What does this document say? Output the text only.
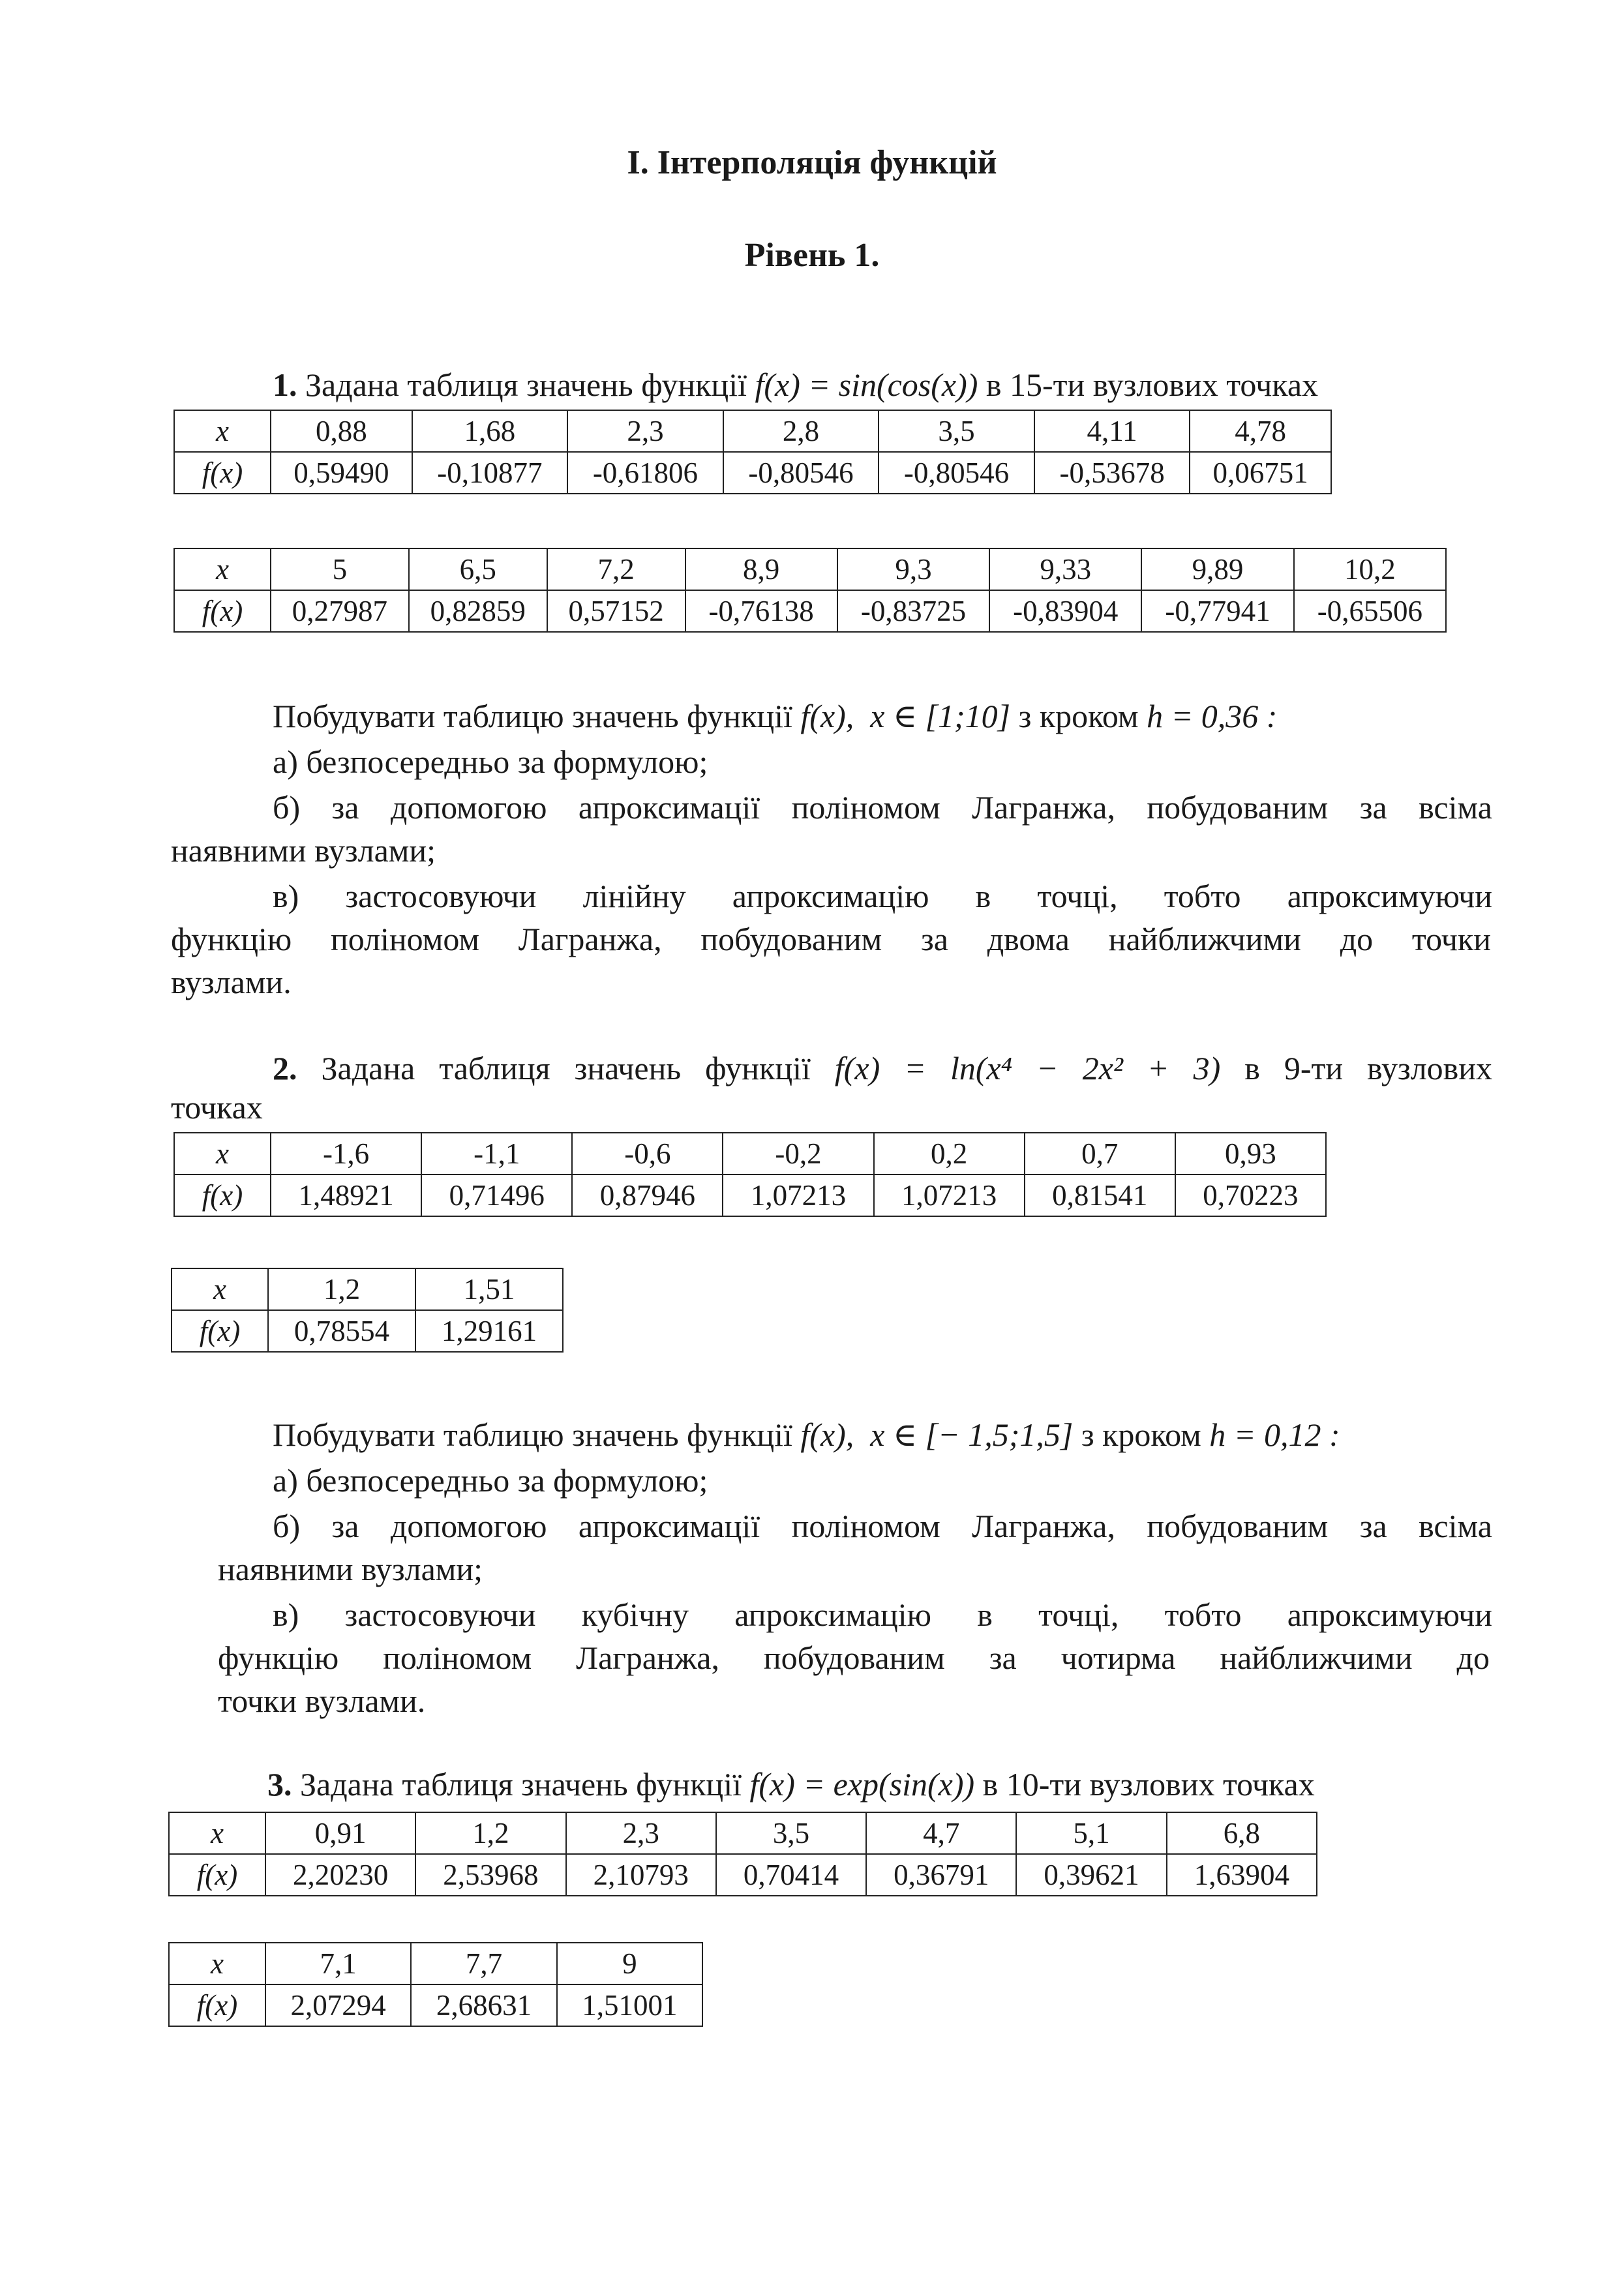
I. Інтерполяція функцій
Рівень 1.
1. Задана таблиця значень функції f(x) = sin(cos(x)) в 15-ти вузлових точках
x	0,88	1,68	2,3	2,8	3,5	4,11	4,78
f(x)	0,59490	-0,10877	-0,61806	-0,80546	-0,80546	-0,53678	0,06751
x	5	6,5	7,2	8,9	9,3	9,33	9,89	10,2
f(x)	0,27987	0,82859	0,57152	-0,76138	-0,83725	-0,83904	-0,77941	-0,65506
Побудувати таблицю значень функції f(x), x ∈ [1;10] з кроком h = 0,36 :
а) безпосередньо за формулою;
б) за допомогою апроксимації поліномом Лагранжа, побудованим за всіма
наявними вузлами;
в) застосовуючи лінійну апроксимацію в точці, тобто апроксимуючи
функцію поліномом Лагранжа, побудованим за двома найближчими до точки
вузлами.
2. Задана таблиця значень функції f(x) = ln(x⁴ − 2x² + 3) в 9-ти вузлових
точках
x	-1,6	-1,1	-0,6	-0,2	0,2	0,7	0,93
f(x)	1,48921	0,71496	0,87946	1,07213	1,07213	0,81541	0,70223
x	1,2	1,51
f(x)	0,78554	1,29161
Побудувати таблицю значень функції f(x), x ∈ [− 1,5;1,5] з кроком h = 0,12 :
а) безпосередньо за формулою;
б) за допомогою апроксимації поліномом Лагранжа, побудованим за всіма
наявними вузлами;
в) застосовуючи кубічну апроксимацію в точці, тобто апроксимуючи
функцію поліномом Лагранжа, побудованим за чотирма найближчими до
точки вузлами.
3. Задана таблиця значень функції f(x) = exp(sin(x)) в 10-ти вузлових точках
x	0,91	1,2	2,3	3,5	4,7	5,1	6,8
f(x)	2,20230	2,53968	2,10793	0,70414	0,36791	0,39621	1,63904
x	7,1	7,7	9
f(x)	2,07294	2,68631	1,51001
